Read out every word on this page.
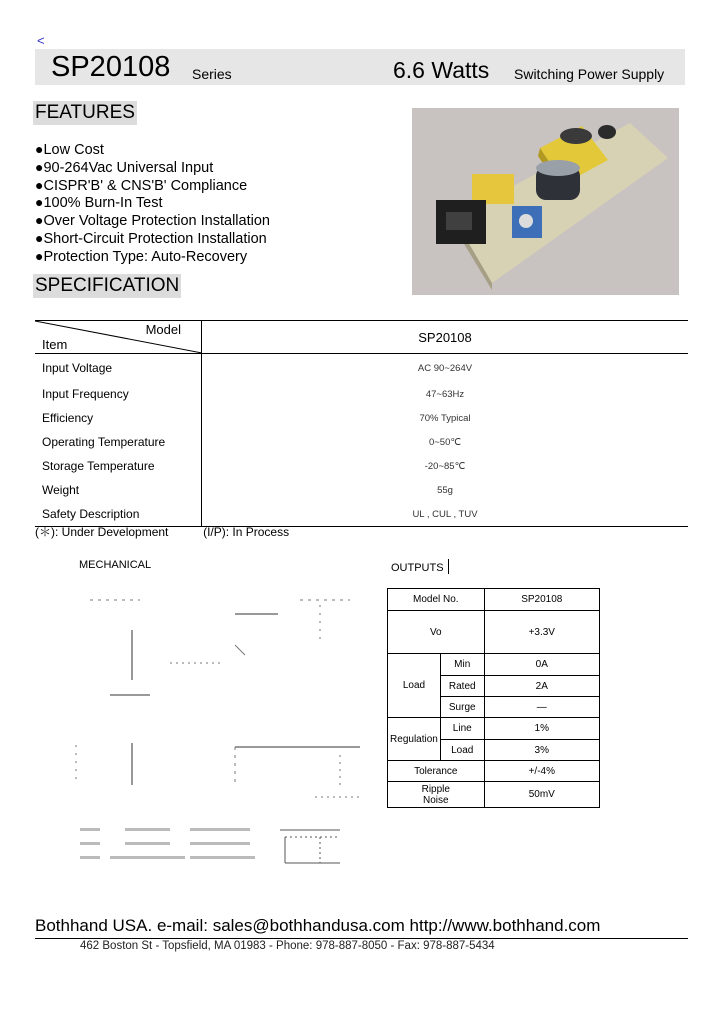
<
SP20108 Series	6.6 Watts Switching Power Supply
FEATURES
●Low Cost
●90-264Vac Universal Input
●CISPR'B' & CNS'B' Compliance
●100% Burn-In Test
●Over Voltage Protection Installation
●Short-Circuit Protection Installation
●Protection Type: Auto-Recovery
SPECIFICATION
Model
Item	SP20108
Input Voltage	AC 90~264V
Input Frequency	47~63Hz
Efficiency	70% Typical
Operating Temperature	0~50℃
Storage Temperature	-20~85℃
Weight	55g
Safety Description	UL , CUL , TUV
(＊): Under Development	(I/P): In Process
MECHANICAL	OUTPUTS
Model No.		SP20108
Vo		+3.3V
Load	Min	0A
	Rated	2A
	Surge	—
Regulation	Line	1%
	Load	3%
Tolerance		+/-4%
Ripple
Noise		50mV
Bothhand USA. e-mail: sales@bothhandusa.com http://www.bothhand.com
462 Boston St - Topsfield, MA 01983 - Phone: 978-887-8050 - Fax: 978-887-5434
